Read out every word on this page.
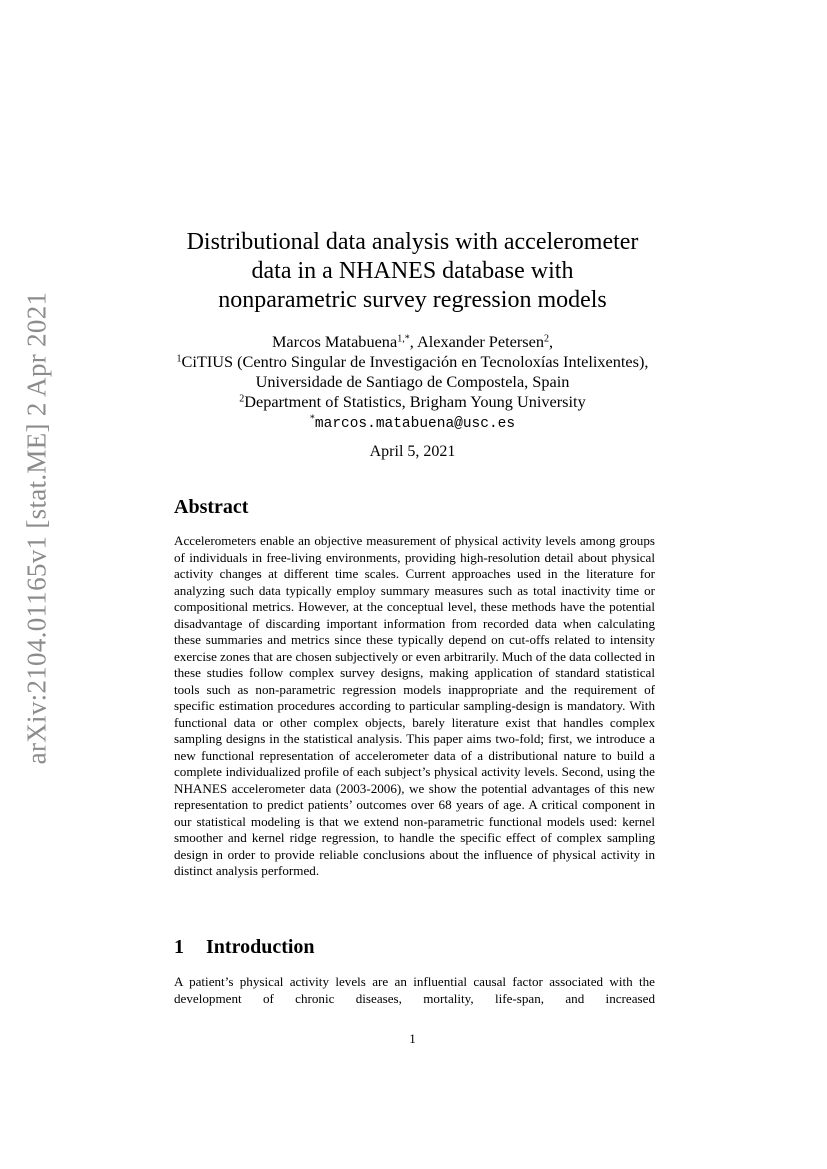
arXiv:2104.01165v1 [stat.ME] 2 Apr 2021
Distributional data analysis with accelerometer
data in a NHANES database with
nonparametric survey regression models
Marcos Matabuena$^{1,*}$, Alexander Petersen$^2$,
$^1$CiTIUS (Centro Singular de Investigación en Tecnoloxías Intelixentes),
Universidade de Santiago de Compostela, Spain
$^2$Department of Statistics, Brigham Young University
*marcos.matabuena@usc.es
April 5, 2021
Abstract
Accelerometers enable an objective measurement of physical activity levels among groups of individuals in free-living environments, providing high-resolution detail about physical activity changes at different time scales. Current approaches used in the literature for analyzing such data typically employ summary measures such as total inactivity time or compositional metrics. However, at the conceptual level, these methods have the potential disadvantage of discarding important information from recorded data when calculating these summaries and metrics since these typically depend on cut-offs related to intensity exercise zones that are chosen subjectively or even arbitrarily. Much of the data collected in these studies follow complex survey designs, making application of standard statistical tools such as non-parametric regression models inappropriate and the requirement of specific estimation procedures according to particular sampling-design is mandatory. With functional data or other complex objects, barely literature exist that handles complex sampling designs in the statistical analysis. This paper aims two-fold; first, we introduce a new functional representation of accelerometer data of a distributional nature to build a complete individualized profile of each subject’s physical activity levels. Second, using the NHANES accelerometer data (2003-2006), we show the potential advantages of this new representation to predict patients’ outcomes over 68 years of age. A critical component in our statistical modeling is that we extend non-parametric functional models used: kernel smoother and kernel ridge regression, to handle the specific effect of complex sampling design in order to provide reliable conclusions about the influence of physical activity in distinct analysis performed.
1 Introduction
A patient’s physical activity levels are an influential causal factor associated with the development of chronic diseases, mortality, life-span, and increased
1
